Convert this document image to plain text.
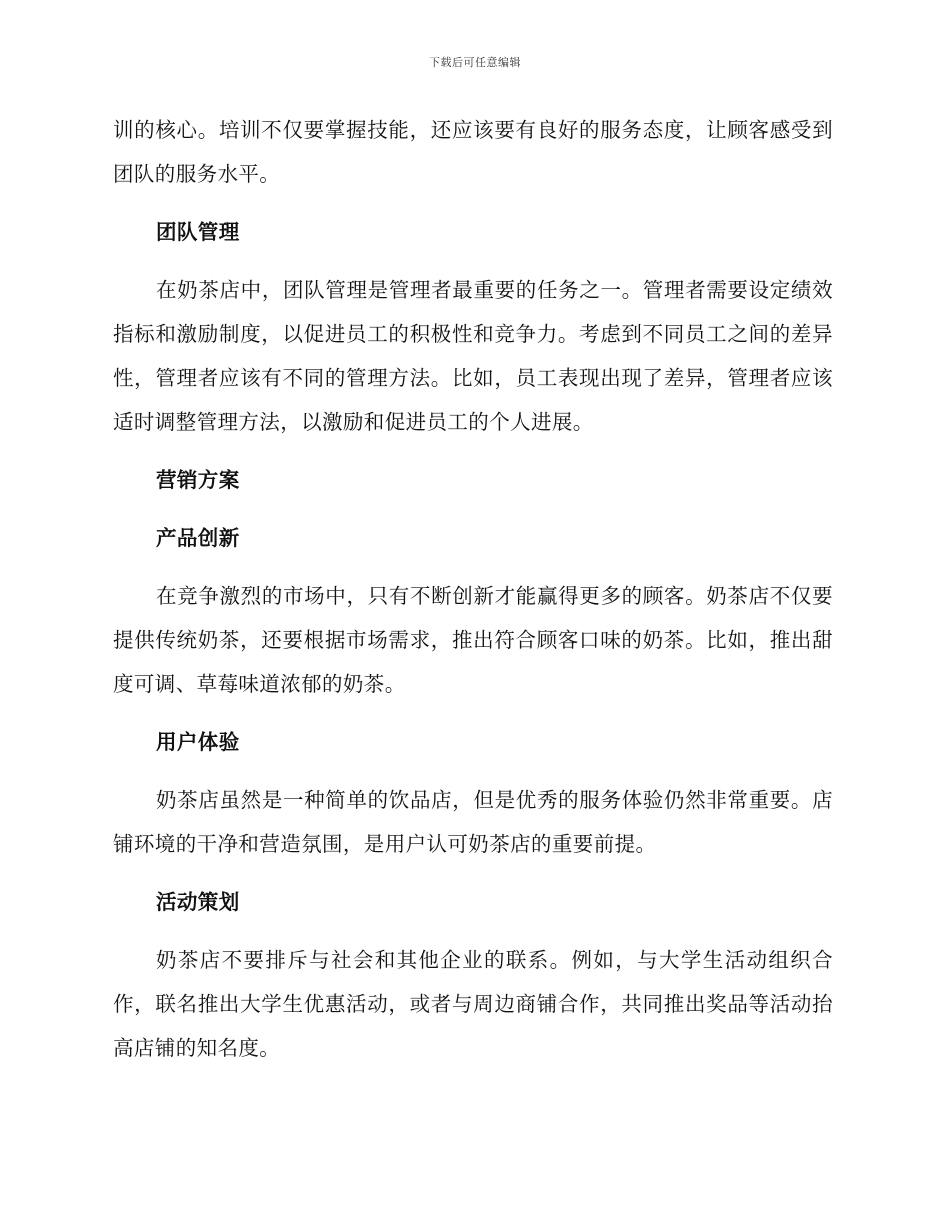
下载后可任意编辑

训的核心。培训不仅要掌握技能，还应该要有良好的服务态度，让顾客感受到团队的服务水平。

团队管理

在奶茶店中，团队管理是管理者最重要的任务之一。管理者需要设定绩效指标和激励制度，以促进员工的积极性和竞争力。考虑到不同员工之间的差异性，管理者应该有不同的管理方法。比如，员工表现出现了差异，管理者应该适时调整管理方法，以激励和促进员工的个人进展。

营销方案
产品创新

在竞争激烈的市场中，只有不断创新才能赢得更多的顾客。奶茶店不仅要提供传统奶茶，还要根据市场需求，推出符合顾客口味的奶茶。比如，推出甜度可调、草莓味道浓郁的奶茶。

用户体验

奶茶店虽然是一种简单的饮品店，但是优秀的服务体验仍然非常重要。店铺环境的干净和营造氛围，是用户认可奶茶店的重要前提。

活动策划

奶茶店不要排斥与社会和其他企业的联系。例如，与大学生活动组织合作，联名推出大学生优惠活动，或者与周边商铺合作，共同推出奖品等活动抬高店铺的知名度。
